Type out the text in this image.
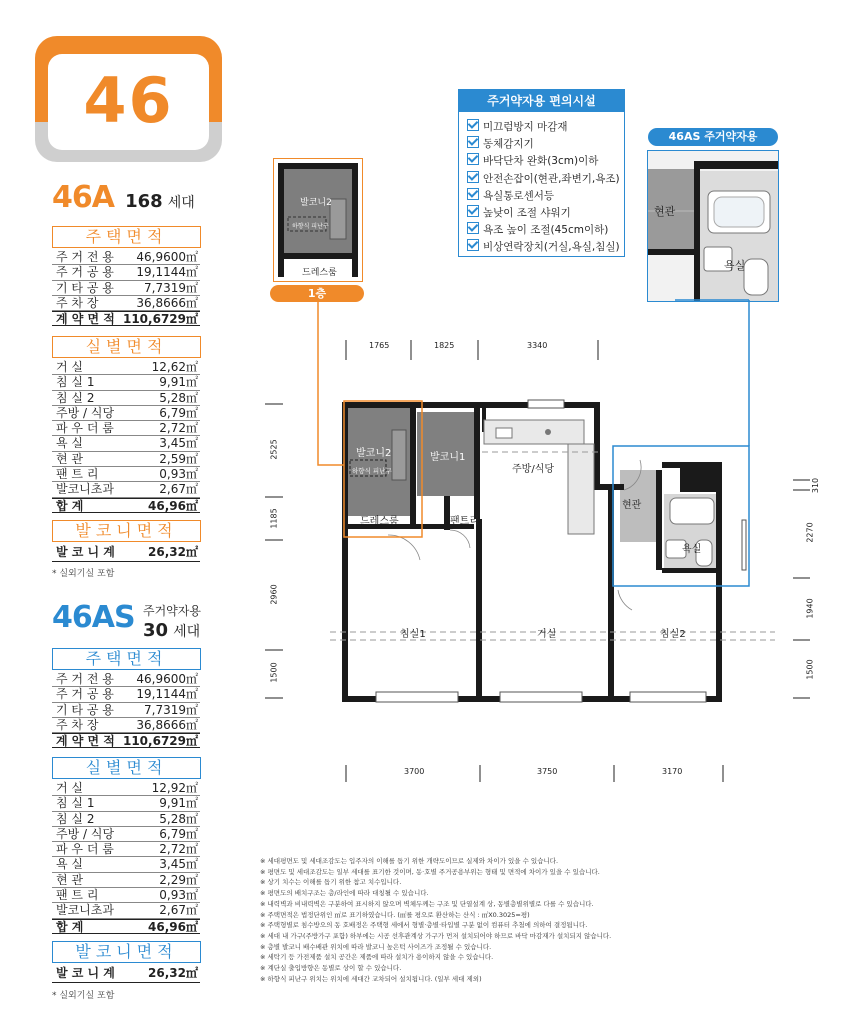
46
46A 168 세대
주택면적
주 거 전 용 46,9600㎡
주 거 공 용 19,1144㎡
기 타 공 용	7,7319㎡
주 차 장	36,8666㎡
계 약 면 적 110,6729㎡
실별면적
거 실	12,62㎡
침 실 1	9,91㎡
침 실 2	5,28㎡
주방 / 식당	6,79㎡
파 우 더 룸	2,72㎡
욕 실	3,45㎡
현 관	2,59㎡
팬 트 리	0,93㎡
발코니초과	2,67㎡
합 계	46,96㎡
발코니면적
발 코 니 계	26,32㎡
* 실외기실 포함
46AS 주거약자용
30 세대
주택면적
주 거 전 용 46,9600㎡
주 거 공 용 19,1144㎡
기 타 공 용	7,7319㎡
주 차 장	36,8666㎡
계 약 면 적 110,6729㎡
실별면적
거 실	12,92㎡
침 실 1	9,91㎡
침 실 2	5,28㎡
주방 / 식당	6,79㎡
파 우 더 룸	2,72㎡
욕 실	3,45㎡
현 관	2,29㎡
팬 트 리	0,93㎡
발코니초과	2,67㎡
합 계	46,96㎡
발코니면적
발 코 니 계	26,32㎡
* 실외기실 포함
주거약자용 편의시설
미끄럼방지 마감재
동체감지기
바닥단차 완화(3cm)이하
안전손잡이(현관,좌변기,욕조)
욕실통로센서등
높낮이 조절 샤워기
욕조 높이 조절(45cm이하)
비상연락장치(거실,욕실,침실)
46AS 주거약자용
현관
욕실
발코니2
하향식 피난구
드레스룸
1층
1765	1825	3340
3700	3750	3170
2525
1185
2960
1500
310
2270
1940
1500
발코니2
하향식 피난구
발코니1
주방/식당
현관
욕실
드레스룸	팬트리
침실1	거실	침실2
※ 세대평면도 및 세대조감도는 입주자의 이해를 돕기 위한 개략도이므로 실제와 차이가 있을 수 있습니다.
※ 평면도 및 세대조감도는 일부 세대를 표기한 것이며, 동·호별 주거공용부위는 형태 및 면적에 차이가 있을 수 있습니다.
※ 상기 치수는 이해를 돕기 위한 참고 치수입니다.
※ 평면도의 배치구조는 층/라인에 따라 대칭될 수 있습니다.
※ 내력벽과 비내력벽은 구분하여 표시하지 않으며 벽체두께는 구조 및 단열설계 상, 동별층별위별로 다를 수 있습니다.
※ 주택면적은 법정단위인 ㎡로 표기하였습니다. (㎡를 평으로 환산하는 산식 : ㎡X0.3025=평)
※ 주택형별로 침수방으의 동 호배정은 주택형 세에서 형별·층별·타입별 구분 없이 컴퓨터 추첨에 의하여 결정됩니다.
※ 세대 내 가구(주방가구 포함) 하부에는 시공 선후관계상 가구가 먼저 설치되어야 하므로 바닥 마감재가 설치되지 않습니다.
※ 층별 발코니 배수배관 위치에 따라 발코니 높은턱 사이즈가 조정될 수 있습니다.
※ 세탁기 등 가전제품 설치 공간은 제품에 따라 설치가 용이하지 않을 수 있습니다.
※ 계단실 출입방향은 동별로 상이 할 수 있습니다.
※ 하향식 피난구 위치는 위치에 세대간 교차되어 설치됩니다. (일부 세대 제외)
